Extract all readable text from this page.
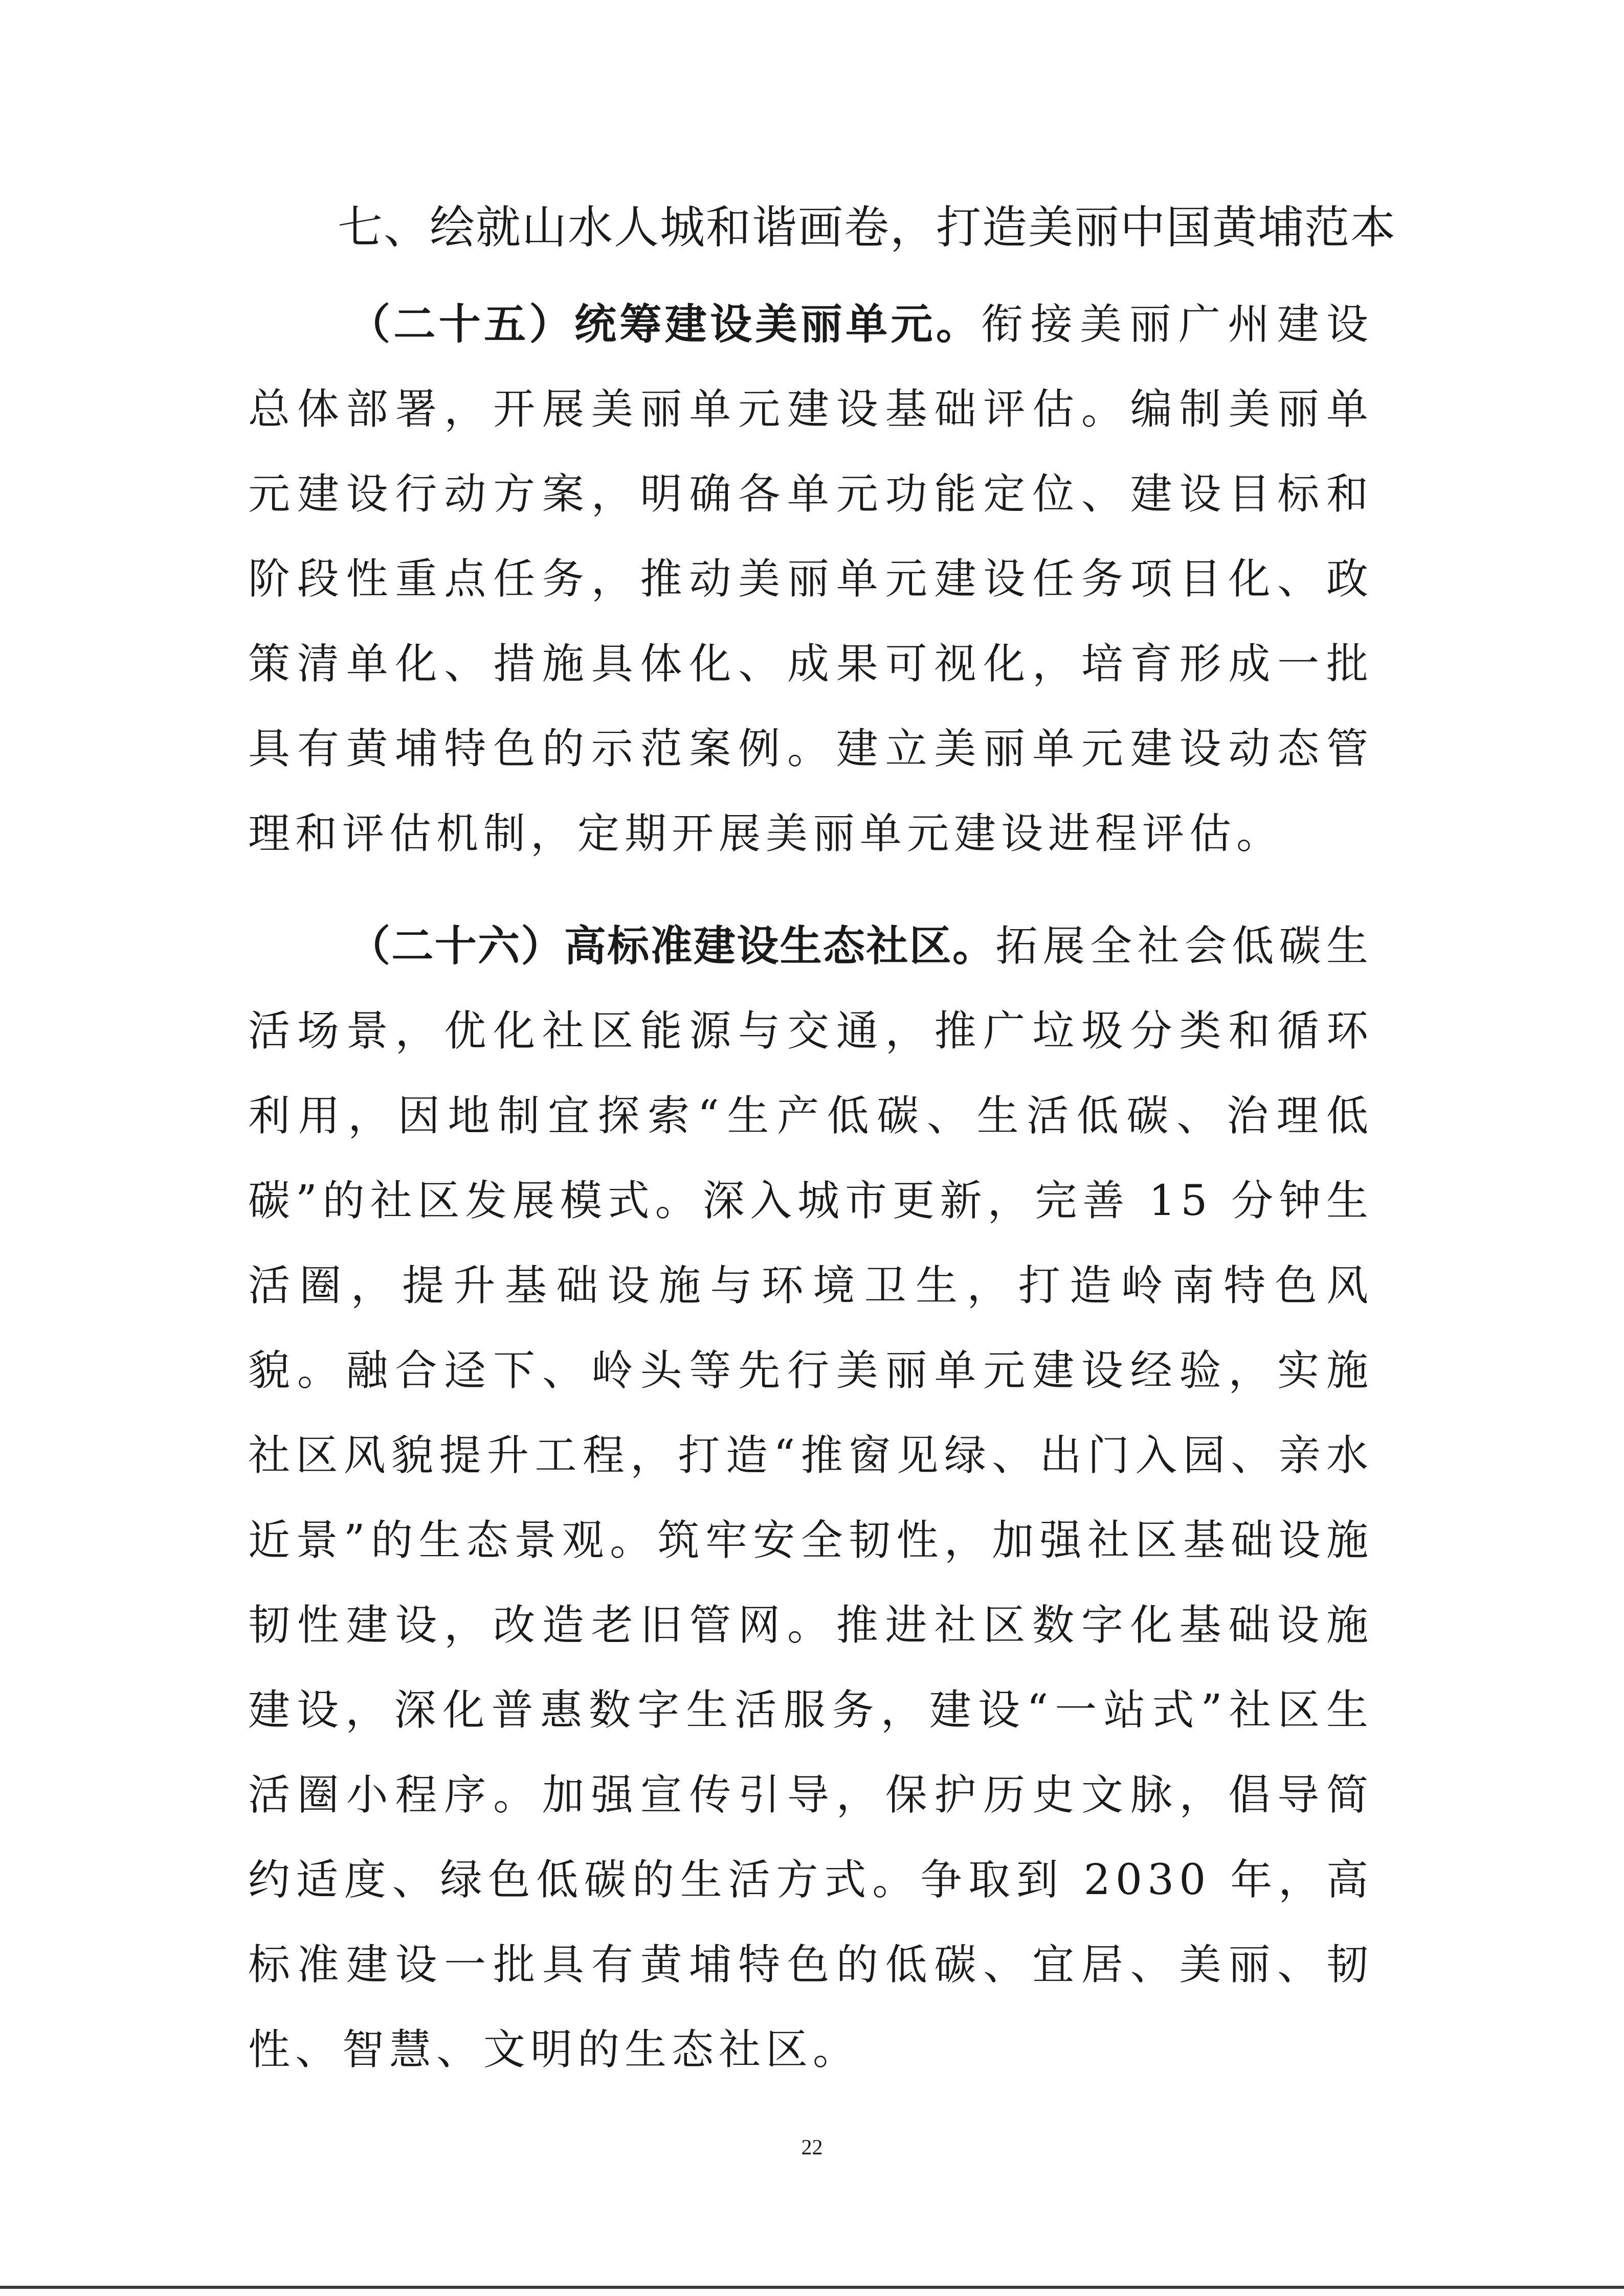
七、绘就山水人城和谐画卷，打造美丽中国黄埔范本

（二十五）统筹建设美丽单元。衔接美丽广州建设总体部署，开展美丽单元建设基础评估。编制美丽单元建设行动方案，明确各单元功能定位、建设目标和阶段性重点任务，推动美丽单元建设任务项目化、政策清单化、措施具体化、成果可视化，培育形成一批具有黄埔特色的示范案例。建立美丽单元建设动态管理和评估机制，定期开展美丽单元建设进程评估。

（二十六）高标准建设生态社区。拓展全社会低碳生活场景，优化社区能源与交通，推广垃圾分类和循环利用，因地制宜探索“生产低碳、生活低碳、治理低碳”的社区发展模式。深入城市更新，完善 15 分钟生活圈，提升基础设施与环境卫生，打造岭南特色风貌。融合迳下、岭头等先行美丽单元建设经验，实施社区风貌提升工程，打造“推窗见绿、出门入园、亲水近景”的生态景观。筑牢安全韧性，加强社区基础设施韧性建设，改造老旧管网。推进社区数字化基础设施建设，深化普惠数字生活服务，建设“一站式”社区生活圈小程序。加强宣传引导，保护历史文脉，倡导简约适度、绿色低碳的生活方式。争取到 2030 年，高标准建设一批具有黄埔特色的低碳、宜居、美丽、韧性、智慧、文明的生态社区。

22
